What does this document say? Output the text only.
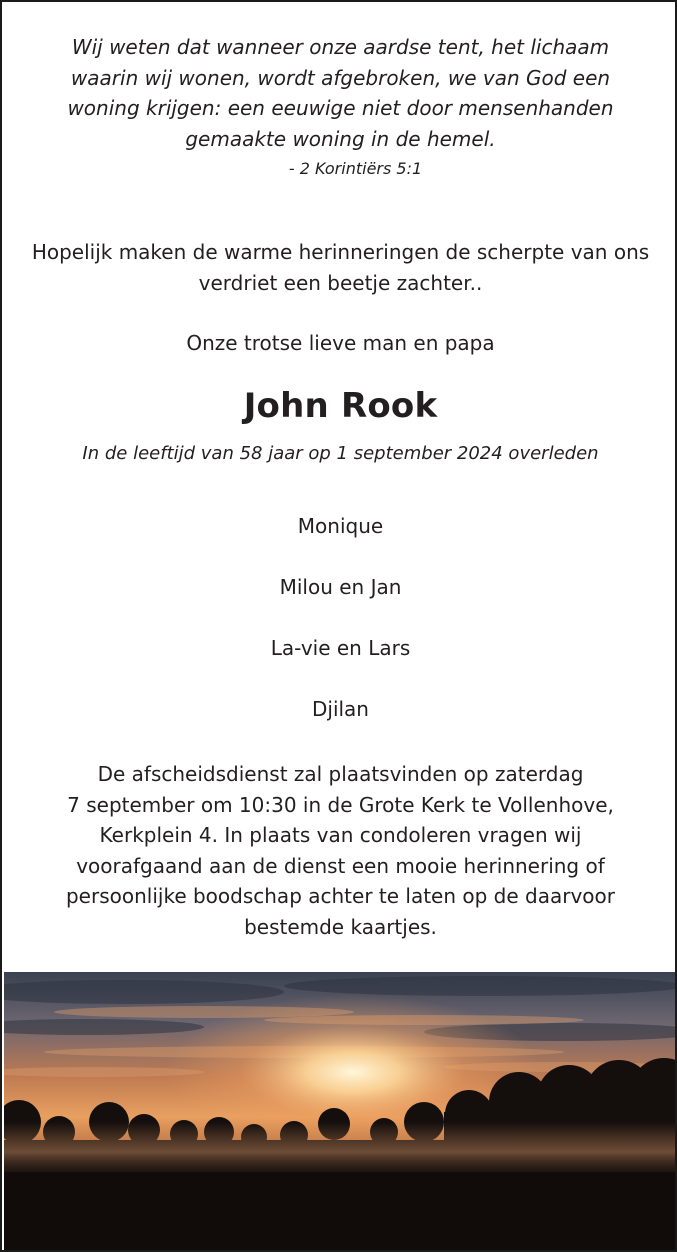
Wij weten dat wanneer onze aardse tent, het lichaam
waarin wij wonen, wordt afgebroken, we van God een
woning krijgen: een eeuwige niet door mensenhanden
gemaakte woning in de hemel.
- 2 Korintiërs 5:1
Hopelijk maken de warme herinneringen de scherpte van ons
verdriet een beetje zachter..
Onze trotse lieve man en papa
John Rook
In de leeftijd van 58 jaar op 1 september 2024 overleden
Monique
Milou en Jan
La-vie en Lars
Djilan
De afscheidsdienst zal plaatsvinden op zaterdag
7 september om 10:30 in de Grote Kerk te Vollenhove,
Kerkplein 4. In plaats van condoleren vragen wij
voorafgaand aan de dienst een mooie herinnering of
persoonlijke boodschap achter te laten op de daarvoor
bestemde kaartjes.
